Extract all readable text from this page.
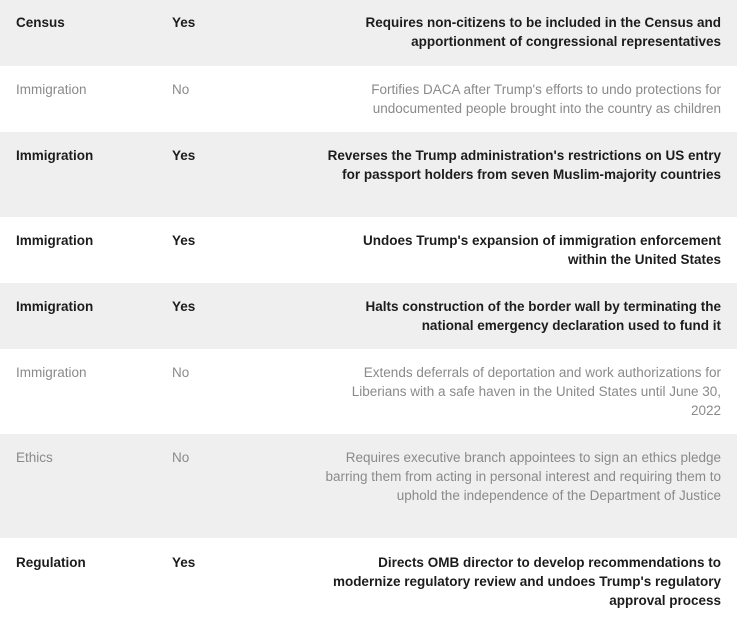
Census	Yes	Requires non-citizens to be included in the Census and apportionment of congressional representatives
Immigration	No	Fortifies DACA after Trump's efforts to undo protections for undocumented people brought into the country as children
Immigration	Yes	Reverses the Trump administration's restrictions on US entry for passport holders from seven Muslim-majority countries
Immigration	Yes	Undoes Trump's expansion of immigration enforcement within the United States
Immigration	Yes	Halts construction of the border wall by terminating the national emergency declaration used to fund it
Immigration	No	Extends deferrals of deportation and work authorizations for Liberians with a safe haven in the United States until June 30, 2022
Ethics	No	Requires executive branch appointees to sign an ethics pledge barring them from acting in personal interest and requiring them to uphold the independence of the Department of Justice
Regulation	Yes	Directs OMB director to develop recommendations to modernize regulatory review and undoes Trump's regulatory approval process
